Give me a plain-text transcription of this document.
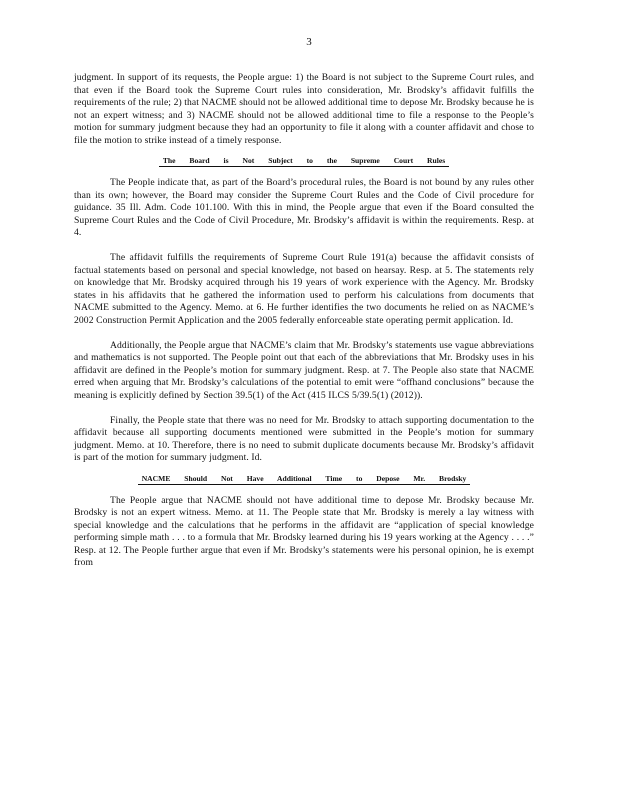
3

judgment. In support of its requests, the People argue: 1) the Board is not subject to the Supreme Court rules, and that even if the Board took the Supreme Court rules into consideration, Mr. Brodsky’s affidavit fulfills the requirements of the rule; 2) that NACME should not be allowed additional time to depose Mr. Brodsky because he is not an expert witness; and 3) NACME should not be allowed additional time to file a response to the People’s motion for summary judgment because they had an opportunity to file it along with a counter affidavit and chose to file the motion to strike instead of a timely response.

The Board is Not Subject to the Supreme Court Rules

The People indicate that, as part of the Board’s procedural rules, the Board is not bound by any rules other than its own; however, the Board may consider the Supreme Court Rules and the Code of Civil procedure for guidance. 35 Ill. Adm. Code 101.100. With this in mind, the People argue that even if the Board consulted the Supreme Court Rules and the Code of Civil Procedure, Mr. Brodsky’s affidavit is within the requirements. Resp. at 4.

The affidavit fulfills the requirements of Supreme Court Rule 191(a) because the affidavit consists of factual statements based on personal and special knowledge, not based on hearsay. Resp. at 5. The statements rely on knowledge that Mr. Brodsky acquired through his 19 years of work experience with the Agency. Mr. Brodsky states in his affidavits that he gathered the information used to perform his calculations from documents that NACME submitted to the Agency. Memo. at 6. He further identifies the two documents he relied on as NACME’s 2002 Construction Permit Application and the 2005 federally enforceable state operating permit application. Id.

Additionally, the People argue that NACME’s claim that Mr. Brodsky’s statements use vague abbreviations and mathematics is not supported. The People point out that each of the abbreviations that Mr. Brodsky uses in his affidavit are defined in the People’s motion for summary judgment. Resp. at 7. The People also state that NACME erred when arguing that Mr. Brodsky’s calculations of the potential to emit were “offhand conclusions” because the meaning is explicitly defined by Section 39.5(1) of the Act (415 ILCS 5/39.5(1) (2012)).

Finally, the People state that there was no need for Mr. Brodsky to attach supporting documentation to the affidavit because all supporting documents mentioned were submitted in the People’s motion for summary judgment. Memo. at 10. Therefore, there is no need to submit duplicate documents because Mr. Brodsky’s affidavit is part of the motion for summary judgment. Id.

NACME Should Not Have Additional Time to Depose Mr. Brodsky

The People argue that NACME should not have additional time to depose Mr. Brodsky because Mr. Brodsky is not an expert witness. Memo. at 11. The People state that Mr. Brodsky is merely a lay witness with special knowledge and the calculations that he performs in the affidavit are “application of special knowledge performing simple math . . . to a formula that Mr. Brodsky learned during his 19 years working at the Agency . . . .” Resp. at 12. The People further argue that even if Mr. Brodsky’s statements were his personal opinion, he is exempt from
